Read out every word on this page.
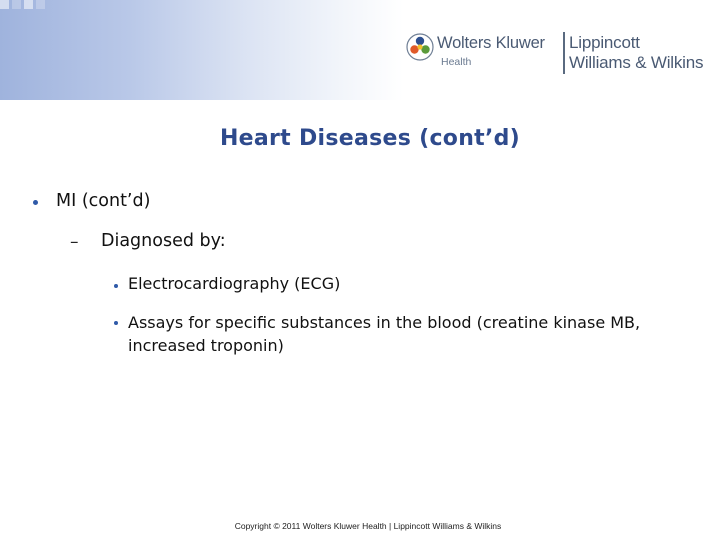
Wolters Kluwer
Health
Lippincott
Williams & Wilkins
Heart Diseases (cont’d)
MI (cont’d)
– Diagnosed by:
Electrocardiography (ECG)
Assays for specific substances in the blood (creatine kinase MB, increased troponin)
Copyright © 2011 Wolters Kluwer Health | Lippincott Williams & Wilkins
